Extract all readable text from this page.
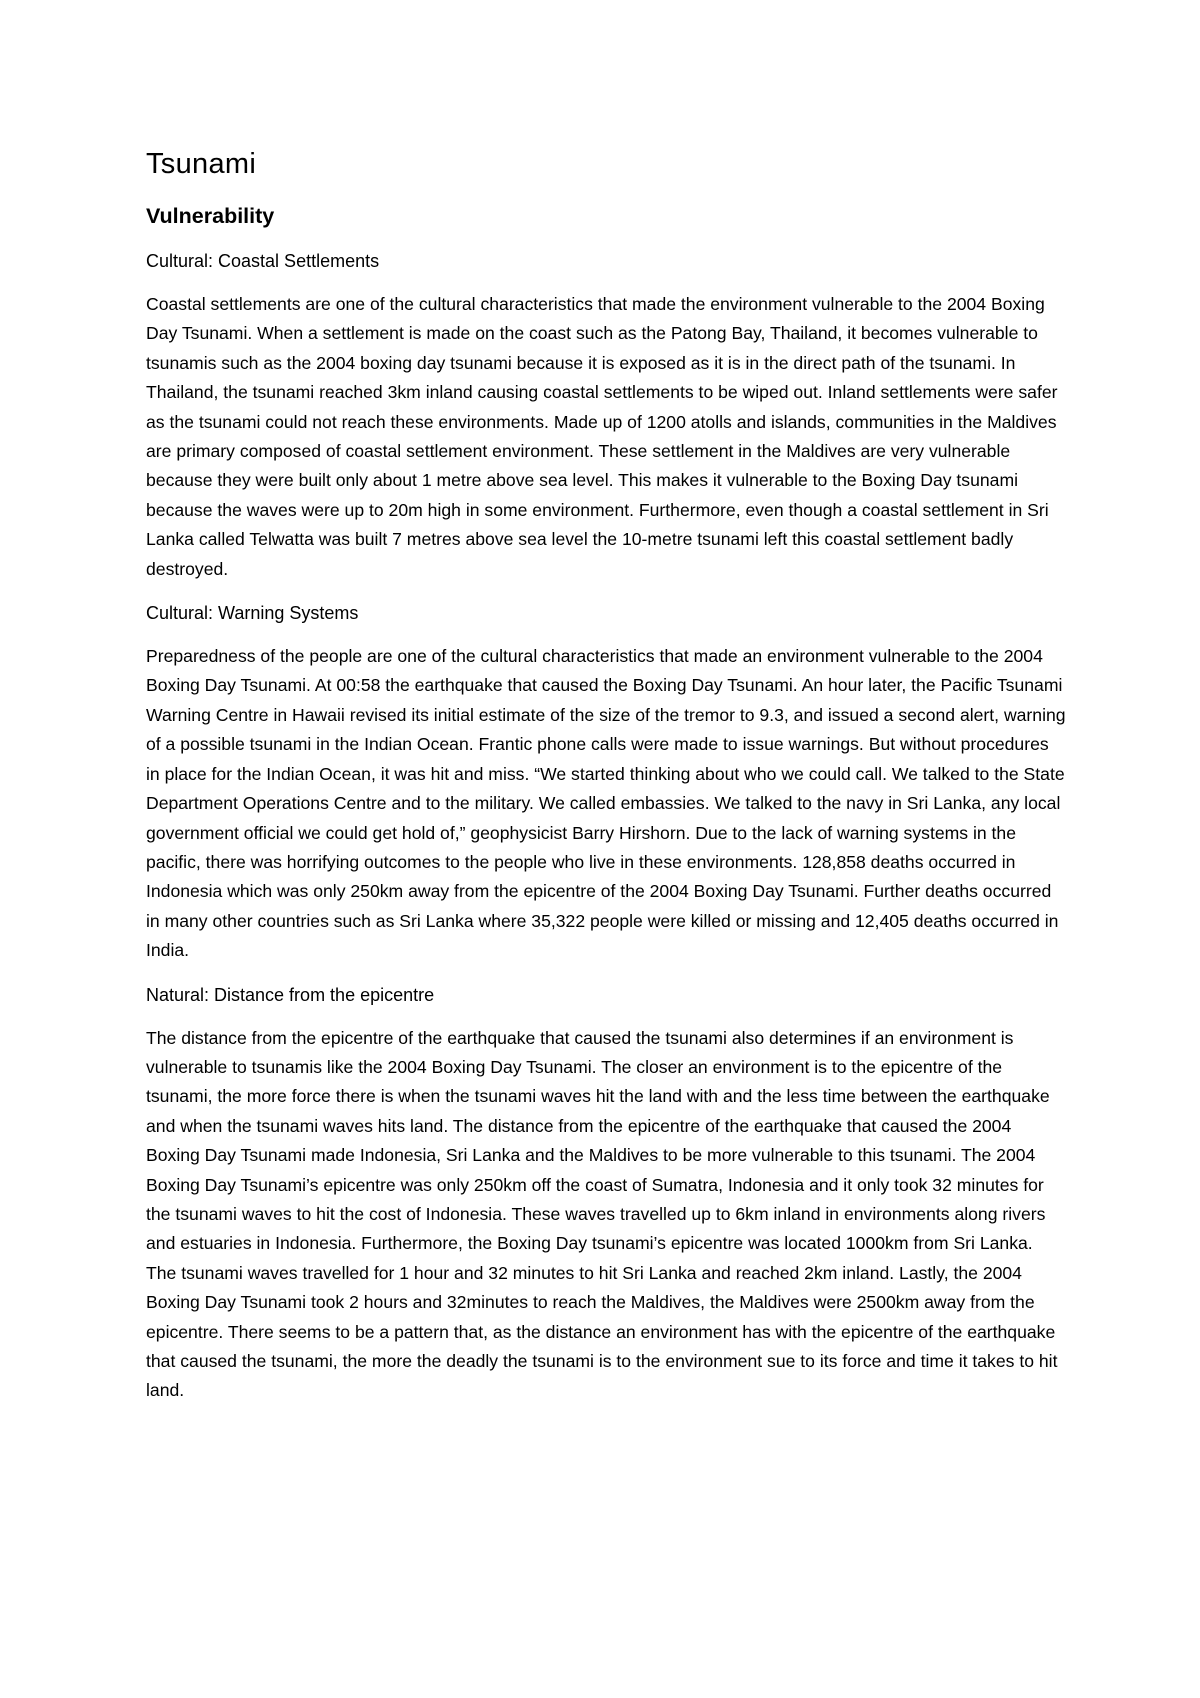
Tsunami
Vulnerability
Cultural: Coastal Settlements

Coastal settlements are one of the cultural characteristics that made the environment vulnerable to the 2004 Boxing Day Tsunami. When a settlement is made on the coast such as the Patong Bay, Thailand, it becomes vulnerable to tsunamis such as the 2004 boxing day tsunami because it is exposed as it is in the direct path of the tsunami. In Thailand, the tsunami reached 3km inland causing coastal settlements to be wiped out. Inland settlements were safer as the tsunami could not reach these environments. Made up of 1200 atolls and islands, communities in the Maldives are primary composed of coastal settlement environment. These settlement in the Maldives are very vulnerable because they were built only about 1 metre above sea level. This makes it vulnerable to the Boxing Day tsunami because the waves were up to 20m high in some environment. Furthermore, even though a coastal settlement in Sri Lanka called Telwatta was built 7 metres above sea level the 10-metre tsunami left this coastal settlement badly destroyed.

Cultural: Warning Systems

Preparedness of the people are one of the cultural characteristics that made an environment vulnerable to the 2004 Boxing Day Tsunami. At 00:58 the earthquake that caused the Boxing Day Tsunami. An hour later, the Pacific Tsunami Warning Centre in Hawaii revised its initial estimate of the size of the tremor to 9.3, and issued a second alert, warning of a possible tsunami in the Indian Ocean. Frantic phone calls were made to issue warnings. But without procedures in place for the Indian Ocean, it was hit and miss. “We started thinking about who we could call. We talked to the State Department Operations Centre and to the military. We called embassies. We talked to the navy in Sri Lanka, any local government official we could get hold of,” geophysicist Barry Hirshorn. Due to the lack of warning systems in the pacific, there was horrifying outcomes to the people who live in these environments. 128,858 deaths occurred in Indonesia which was only 250km away from the epicentre of the 2004 Boxing Day Tsunami. Further deaths occurred in many other countries such as Sri Lanka where 35,322 people were killed or missing and 12,405 deaths occurred in India.

Natural: Distance from the epicentre

The distance from the epicentre of the earthquake that caused the tsunami also determines if an environment is vulnerable to tsunamis like the 2004 Boxing Day Tsunami. The closer an environment is to the epicentre of the tsunami, the more force there is when the tsunami waves hit the land with and the less time between the earthquake and when the tsunami waves hits land. The distance from the epicentre of the earthquake that caused the 2004 Boxing Day Tsunami made Indonesia, Sri Lanka and the Maldives to be more vulnerable to this tsunami. The 2004 Boxing Day Tsunami’s epicentre was only 250km off the coast of Sumatra, Indonesia and it only took 32 minutes for the tsunami waves to hit the cost of Indonesia. These waves travelled up to 6km inland in environments along rivers and estuaries in Indonesia. Furthermore, the Boxing Day tsunami’s epicentre was located 1000km from Sri Lanka. The tsunami waves travelled for 1 hour and 32 minutes to hit Sri Lanka and reached 2km inland. Lastly, the 2004 Boxing Day Tsunami took 2 hours and 32minutes to reach the Maldives, the Maldives were 2500km away from the epicentre. There seems to be a pattern that, as the distance an environment has with the epicentre of the earthquake that caused the tsunami, the more the deadly the tsunami is to the environment sue to its force and time it takes to hit land.
